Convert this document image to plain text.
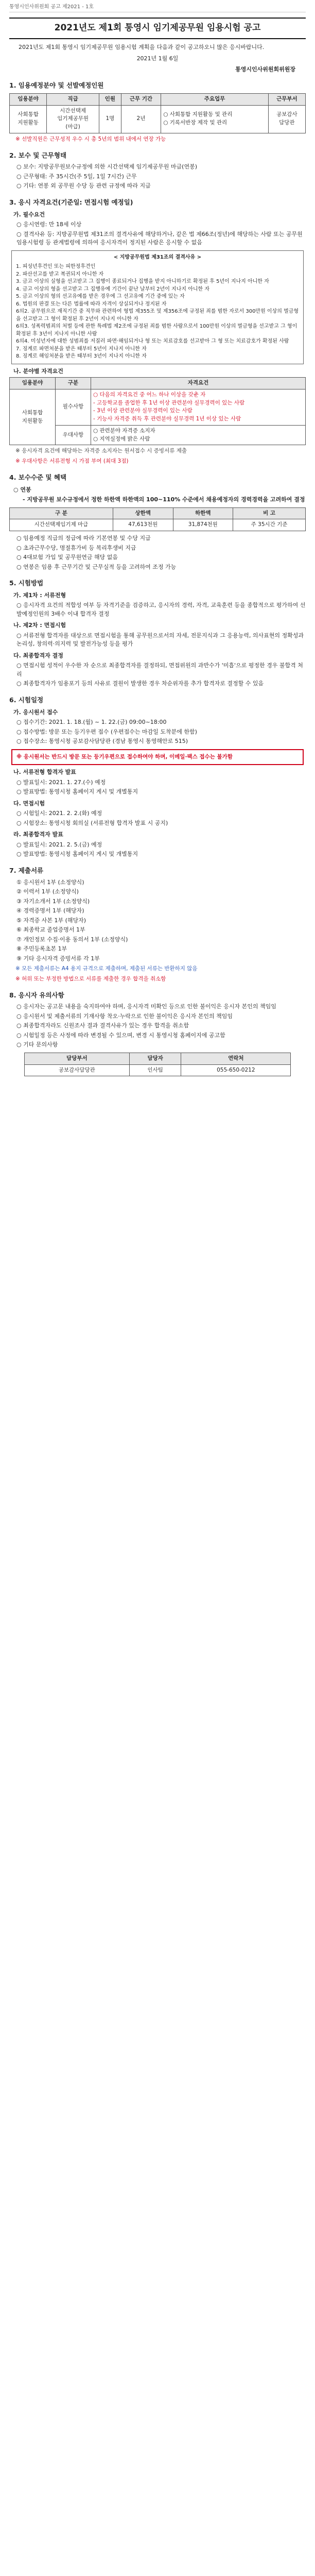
통영시인사위원회 공고 제2021 - 1호
2021년도 제1회 통영시 임기제공무원 임용시험 공고
2021년도 제1회 통영시 임기제공무원 임용시험 계획을 다음과 같이 공고하오니 많은 응시바랍니다.
2021년 1월 6일
통영시인사위원회위원장
1. 임용예정분야 및 선발예정인원
임용분야	직급	인원	근무 기간	주요업무	근무부서
사회통합
지원활동	시간선택제
임기제공무원
(마급)	1명	2년	○ 사회통합 지원활동 및 관리
○ 기록서반장 제작 및 관리	공보감사
담당관
※ 선발직원은 근무성적 우수 시 총 5년의 범위 내에서 연장 가능
2. 보수 및 근무형태
○ 보수: 지방공무원보수규정에 의한 시간선택제 임기제공무원 마급(연봉)
○ 근무형태: 주 35시간(주 5일, 1일 7시간) 근무
○ 기타: 연봉 외 공무원 수당 등 관련 규정에 따라 지급
3. 응시 자격요건(기준일: 면접시험 예정일)
가. 필수요건
○ 응시연령: 만 18세 이상
○ 결격사유 등: 지방공무원법 제31조의 결격사유에 해당하거나, 같은 법 제66조(정년)에 해당하는 사람 또는 공무원임용시험령 등 관계법령에 의하여 응시자격이 정지된 사람은 응시할 수 없음
< 지방공무원법 제31조의 결격사유 >
1. 피성년후견인 또는 피한정후견인
2. 파산선고를 받고 복권되지 아니한 자
3. 금고 이상의 실형을 선고받고 그 집행이 종료되거나 집행을 받지 아니하기로 확정된 후 5년이 지나지 아니한 자
4. 금고 이상의 형을 선고받고 그 집행유예 기간이 끝난 날부터 2년이 지나지 아니한 자
5. 금고 이상의 형의 선고유예를 받은 경우에 그 선고유예 기간 중에 있는 자
6. 법원의 판결 또는 다른 법률에 따라 자격이 상실되거나 정지된 자
6의2. 공무원으로 재직기간 중 직무와 관련하여 형법 제355조 및 제356조에 규정된 죄를 범한 자로서 300만원 이상의 벌금형을 선고받고 그 형이 확정된 후 2년이 지나지 아니한 자
6의3. 성폭력범죄의 처벌 등에 관한 특례법 제2조에 규정된 죄를 범한 사람으로서 100만원 이상의 벌금형을 선고받고 그 형이 확정된 후 3년이 지나지 아니한 사람
6의4. 미성년자에 대한 성범죄를 저질러 파면·해임되거나 형 또는 치료감호를 선고받아 그 형 또는 치료감호가 확정된 사람
7. 징계로 파면처분을 받은 때부터 5년이 지나지 아니한 자
8. 징계로 해임처분을 받은 때부터 3년이 지나지 아니한 자
나. 분야별 자격요건
임용분야	구분	자격요건
사회통합
지원활동	필수사항	○ 다음의 자격요건 중 어느 하나 이상을 갖춘 자
- 고등학교를 졸업한 후 1년 이상 관련분야 실무경력이 있는 사람
- 3년 이상 관련분야 실무경력이 있는 사람
- 기능사 자격증 취득 후 관련분야 실무경력 1년 이상 있는 사람
	우대사항	○ 관련분야 자격증 소지자
○ 지역실정에 밝은 사람
※ 응시자격 요건에 해당하는 자격증 소지자는 원서접수 시 증빙서류 제출
※ 우대사항은 서류전형 시 가점 부여 (최대 3점)
4. 보수수준 및 혜택
○ 연봉
- 지방공무원 보수규정에서 정한 하한액 하한액의 100~110% 수준에서 채용예정자의 경력경력을 고려하여 결정
구 분	상한액	하한액	비 고
시간선택제임기제 마급	47,613천원	31,874천원	주 35시간 기준
○ 임용예정 직급의 정급에 따라 기본연봉 및 수당 지급
○ 초과근무수당, 명절휴가비 등 복리후생비 지급
○ 4대보험 가입 및 공무원연금 해당 없음
○ 연봉은 임용 후 근무기간 및 근무실적 등을 고려하여 조정 가능
5. 시험방법
가. 제1차 : 서류전형
○ 응시자격 요건의 적합성 여부 등 자격기준을 검증하고, 응시자의 경력, 자격, 교육훈련 등을 종합적으로 평가하여 선발예정인원의 3배수 이내 합격자 결정
나. 제2차 : 면접시험
○ 서류전형 합격자를 대상으로 면접시험을 통해 공무원으로서의 자세, 전문지식과 그 응용능력, 의사표현의 정확성과 논리성, 창의력·의지력 및 발전가능성 등을 평가
다. 최종합격자 결정
○ 면접시험 성적이 우수한 자 순으로 최종합격자를 결정하되, 면접위원의 과반수가 '미흡'으로 평정한 경우 불합격 처리
○ 최종합격자가 임용포기 등의 사유로 결원이 발생한 경우 차순위자를 추가 합격자로 결정할 수 있음
6. 시험일정
가. 응시원서 접수
○ 접수기간: 2021. 1. 18.(월) ~ 1. 22.(금) 09:00~18:00
○ 접수방법: 방문 또는 등기우편 접수 (우편접수는 마감일 도착분에 한함)
○ 접수장소: 통영시청 공보감사담당관 (경남 통영시 통영해안로 515)
※ 응시원서는 반드시 방문 또는 등기우편으로 접수하여야 하며, 이메일·팩스 접수는 불가함
나. 서류전형 합격자 발표
○ 발표일시: 2021. 1. 27.(수) 예정
○ 발표방법: 통영시청 홈페이지 게시 및 개별통지
다. 면접시험
○ 시험일시: 2021. 2. 2.(화) 예정
○ 시험장소: 통영시청 회의실 (서류전형 합격자 발표 시 공지)
라. 최종합격자 발표
○ 발표일시: 2021. 2. 5.(금) 예정
○ 발표방법: 통영시청 홈페이지 게시 및 개별통지
7. 제출서류
① 응시원서 1부 (소정양식)
② 이력서 1부 (소정양식)
③ 자기소개서 1부 (소정양식)
④ 경력증명서 1부 (해당자)
⑤ 자격증 사본 1부 (해당자)
⑥ 최종학교 졸업증명서 1부
⑦ 개인정보 수집·이용 동의서 1부 (소정양식)
⑧ 주민등록초본 1부
⑨ 기타 응시자격 증빙서류 각 1부
※ 모든 제출서류는 A4 용지 규격으로 제출하며, 제출된 서류는 반환하지 않음
※ 허위 또는 부정한 방법으로 서류를 제출한 경우 합격을 취소함
8. 응시자 유의사항
○ 응시자는 공고문 내용을 숙지하여야 하며, 응시자격 미확인 등으로 인한 불이익은 응시자 본인의 책임임
○ 응시원서 및 제출서류의 기재사항 착오·누락으로 인한 불이익은 응시자 본인의 책임임
○ 최종합격자라도 신원조사 결과 결격사유가 있는 경우 합격을 취소함
○ 시험일정 등은 사정에 따라 변경될 수 있으며, 변경 시 통영시청 홈페이지에 공고함
○ 기타 문의사항
담당부서	담당자	연락처
공보감사담당관	인사팀	055-650-0212
